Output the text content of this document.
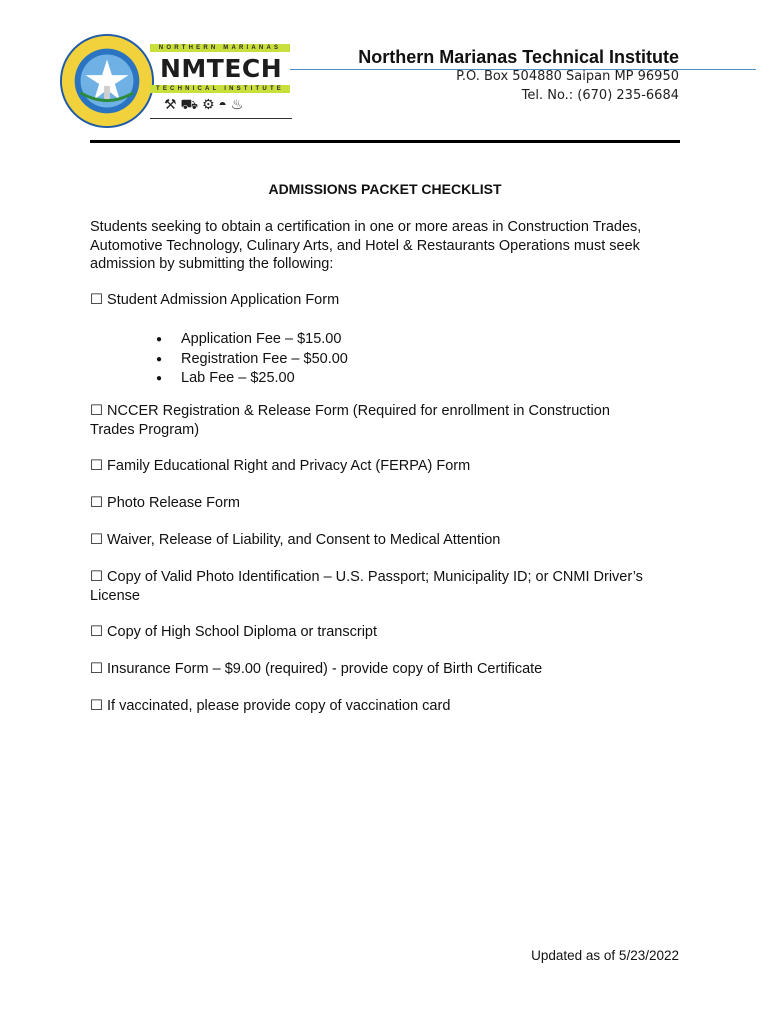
NORTHERN MARIANAS
NMTECH
TECHNICAL INSTITUTE
⚒ ⛟ ⚙ ◓ ♨
Northern Marianas Technical Institute
P.O. Box 504880 Saipan MP 96950
Tel. No.: (670) 235-6684
ADMISSIONS PACKET CHECKLIST
Students seeking to obtain a certification in one or more areas in Construction Trades, Automotive Technology, Culinary Arts, and Hotel & Restaurants Operations must seek admission by submitting the following:
☐ Student Admission Application Form
● Application Fee – $15.00
● Registration Fee – $50.00
● Lab Fee – $25.00
☐ NCCER Registration & Release Form (Required for enrollment in Construction Trades Program)
☐ Family Educational Right and Privacy Act (FERPA) Form
☐ Photo Release Form
☐ Waiver, Release of Liability, and Consent to Medical Attention
☐ Copy of Valid Photo Identification – U.S. Passport; Municipality ID; or CNMI Driver’s License
☐ Copy of High School Diploma or transcript
☐ Insurance Form – $9.00 (required) - provide copy of Birth Certificate
☐ If vaccinated, please provide copy of vaccination card
Updated as of 5/23/2022
